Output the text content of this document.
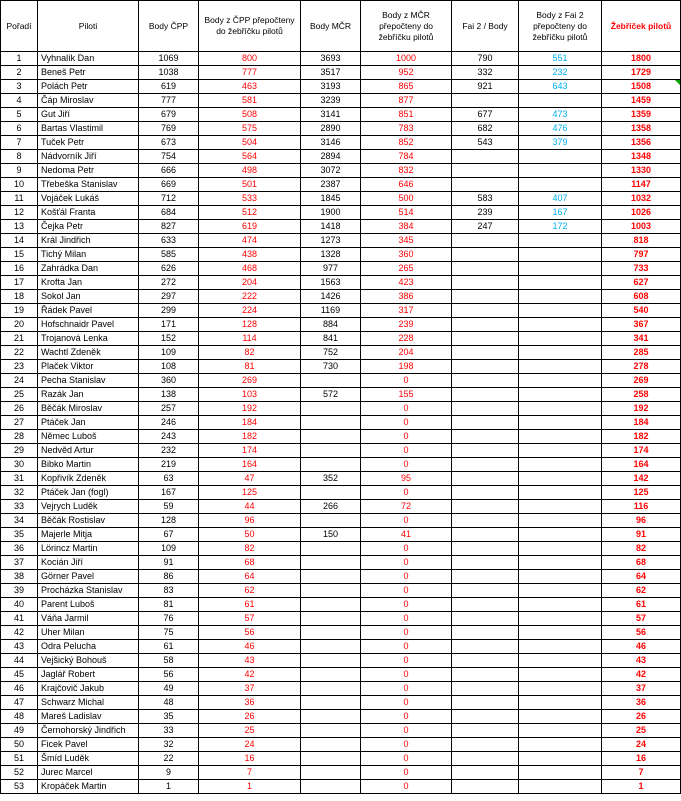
Pořadí	Piloti	Body ČPP	Body z ČPP přepočteny do žebříčku pilotů	Body MČR	Body z MČR přepočteny do žebříčku pilotů	Fai 2 / Body	Body z Fai 2 přepočteny do žebříčku pilotů	Žebříček pilotů
1	Vyhnalík Dan	1069	800	3693	1000	790	551	1800
2	Beneš Petr	1038	777	3517	952	332	232	1729
3	Polách Petr	619	463	3193	865	921	643	1508
4	Čáp Miroslav	777	581	3239	877			1459
5	Gut Jiří	679	508	3141	851	677	473	1359
6	Bartas Vlastimil	769	575	2890	783	682	476	1358
7	Tuček Petr	673	504	3146	852	543	379	1356
8	Nádvorník Jiří	754	564	2894	784			1348
9	Nedoma Petr	666	498	3072	832			1330
10	Třebeška Stanislav	669	501	2387	646			1147
11	Vojáček Lukáš	712	533	1845	500	583	407	1032
12	Košťál Franta	684	512	1900	514	239	167	1026
13	Čejka Petr	827	619	1418	384	247	172	1003
14	Král Jindřich	633	474	1273	345			818
15	Tichý Milan	585	438	1328	360			797
16	Zahrádka Dan	626	468	977	265			733
17	Krofta Jan	272	204	1563	423			627
18	Sokol Jan	297	222	1426	386			608
19	Řádek Pavel	299	224	1169	317			540
20	Hofschnaidr Pavel	171	128	884	239			367
21	Trojanová Lenka	152	114	841	228			341
22	Wachtl Zdeněk	109	82	752	204			285
23	Plaček Viktor	108	81	730	198			278
24	Pecha Stanislav	360	269		0			269
25	Razák Jan	138	103	572	155			258
26	Běčák Miroslav	257	192		0			192
27	Ptáček Jan	246	184		0			184
28	Němec Luboš	243	182		0			182
29	Nedvěd Artur	232	174		0			174
30	Bibko Martin	219	164		0			164
31	Kopřivík Zdeněk	63	47	352	95			142
32	Ptáček Jan (fogl)	167	125		0			125
33	Vejrych Luděk	59	44	266	72			116
34	Běčák Rostislav	128	96		0			96
35	Majerle Mitja	67	50	150	41			91
36	Lörincz Martin	109	82		0			82
37	Kocián Jiří	91	68		0			68
38	Görner Pavel	86	64		0			64
39	Procházka Stanislav	83	62		0			62
40	Parent Luboš	81	61		0			61
41	Váňa Jarmil	76	57		0			57
42	Uher Milan	75	56		0			56
43	Odra Pelucha	61	46		0			46
44	Vejšický Bohouš	58	43		0			43
45	Jaglář Robert	56	42		0			42
46	Krajčovič Jakub	49	37		0			37
47	Schwarz Michal	48	36		0			36
48	Mareš Ladislav	35	26		0			26
49	Černohorský Jindřich	33	25		0			25
50	Ficek Pavel	32	24		0			24
51	Šmíd Luděk	22	16		0			16
52	Jurec Marcel	9	7		0			7
53	Kropáček Martin	1	1		0			1
